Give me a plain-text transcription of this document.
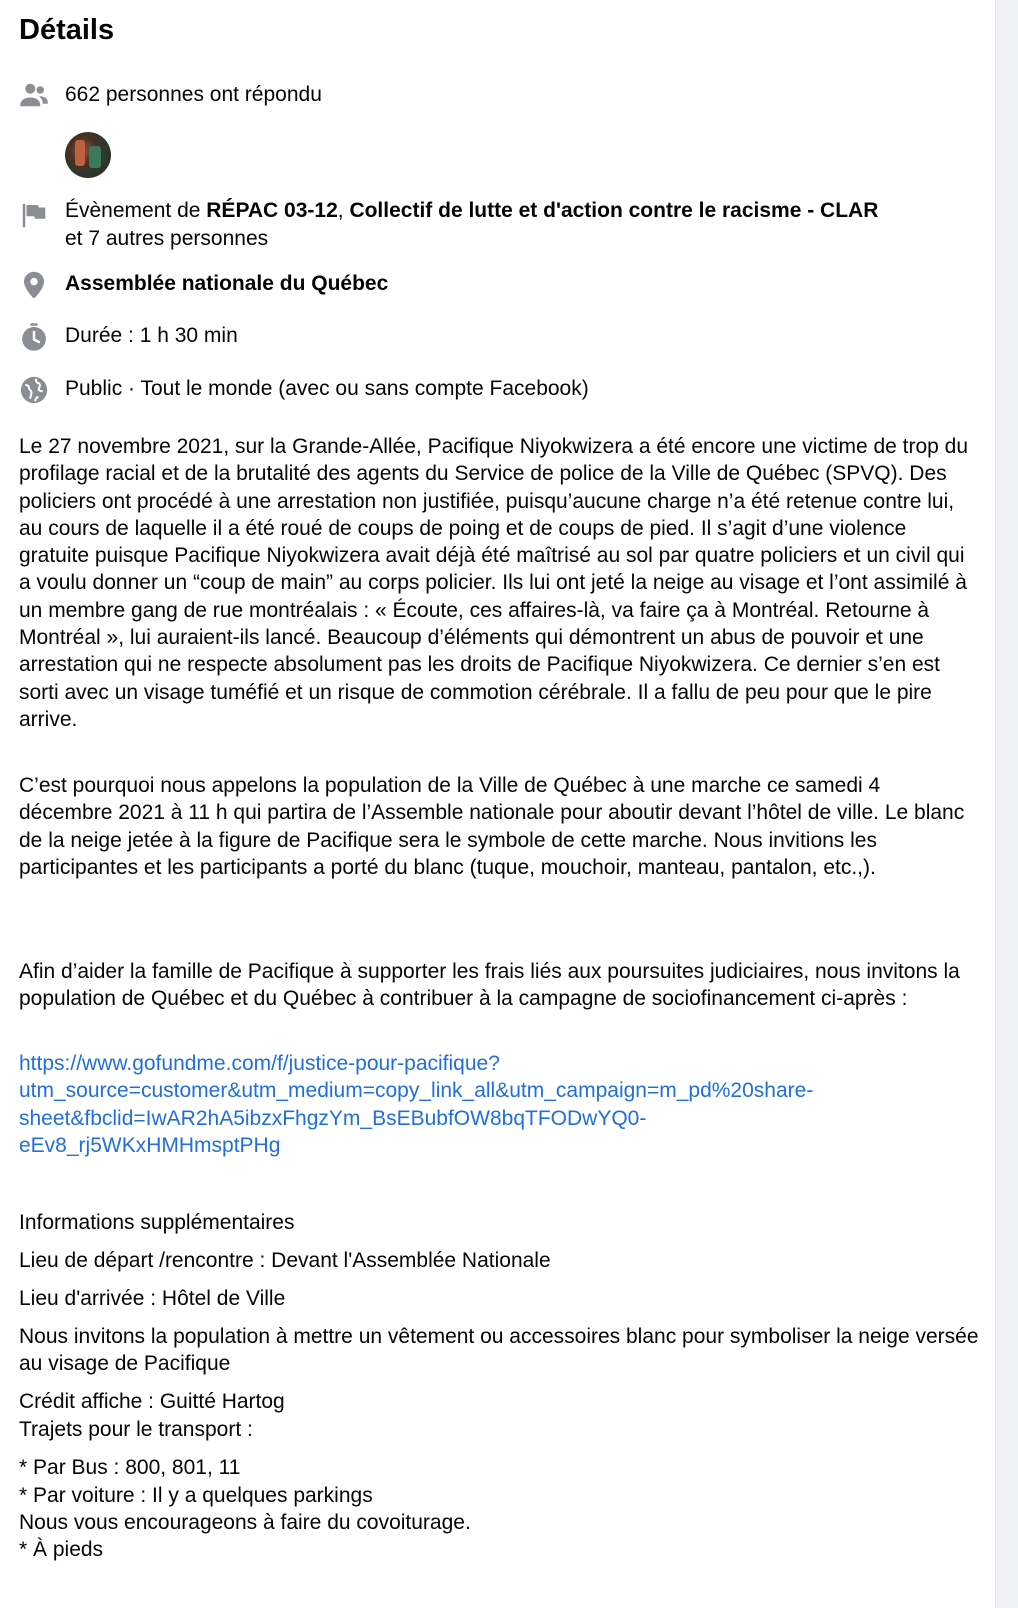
Détails
662 personnes ont répondu
Évènement de RÉPAC 03-12, Collectif de lutte et d'action contre le racisme - CLAR
et 7 autres personnes
Assemblée nationale du Québec
Durée : 1 h 30 min
Public · Tout le monde (avec ou sans compte Facebook)

Le 27 novembre 2021, sur la Grande-Allée, Pacifique Niyokwizera a été encore une victime de trop du profilage racial et de la brutalité des agents du Service de police de la Ville de Québec (SPVQ). Des policiers ont procédé à une arrestation non justifiée, puisqu’aucune charge n’a été retenue contre lui, au cours de laquelle il a été roué de coups de poing et de coups de pied. Il s’agit d’une violence gratuite puisque Pacifique Niyokwizera avait déjà été maîtrisé au sol par quatre policiers et un civil qui a voulu donner un “coup de main” au corps policier. Ils lui ont jeté la neige au visage et l’ont assimilé à un membre gang de rue montréalais : « Écoute, ces affaires-là, va faire ça à Montréal. Retourne à Montréal », lui auraient-ils lancé. Beaucoup d’éléments qui démontrent un abus de pouvoir et une arrestation qui ne respecte absolument pas les droits de Pacifique Niyokwizera. Ce dernier s’en est sorti avec un visage tuméfié et un risque de commotion cérébrale. Il a fallu de peu pour que le pire arrive.

C’est pourquoi nous appelons la population de la Ville de Québec à une marche ce samedi 4 décembre 2021 à 11 h qui partira de l’Assemble nationale pour aboutir devant l’hôtel de ville. Le blanc de la neige jetée à la figure de Pacifique sera le symbole de cette marche. Nous invitions les participantes et les participants a porté du blanc (tuque, mouchoir, manteau, pantalon, etc.,).

Afin d’aider la famille de Pacifique à supporter les frais liés aux poursuites judiciaires, nous invitons la population de Québec et du Québec à contribuer à la campagne de sociofinancement ci-après :

https://www.gofundme.com/f/justice-pour-pacifique?
utm_source=customer&utm_medium=copy_link_all&utm_campaign=m_pd%20share-
sheet&fbclid=IwAR2hA5ibzxFhgzYm_BsEBubfOW8bqTFODwYQ0-
eEv8_rj5WKxHMHmsptPHg

Informations supplémentaires

Lieu de départ /rencontre : Devant l'Assemblée Nationale

Lieu d'arrivée : Hôtel de Ville

Nous invitons la population à mettre un vêtement ou accessoires blanc pour symboliser la neige versée au visage de Pacifique

Crédit affiche : Guitté Hartog

Trajets pour le transport :

* Par Bus : 800, 801, 11

* Par voiture : Il y a quelques parkings

Nous vous encourageons à faire du covoiturage.

* À pieds
